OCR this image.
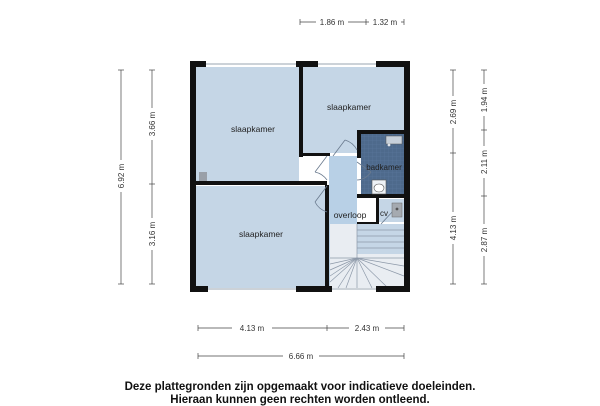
slaapkamer
slaapkamer
slaapkamer
badkamer
overloop cv
1.86 m	1.32 m
4.13 m	2.43 m
6.66 m
6.92 m
3.66 m
3.16 m
2.69 m
4.13 m
1.94 m
2.11 m
2.87 m
Deze plattegronden zijn opgemaakt voor indicatieve doeleinden.
Hieraan kunnen geen rechten worden ontleend.
